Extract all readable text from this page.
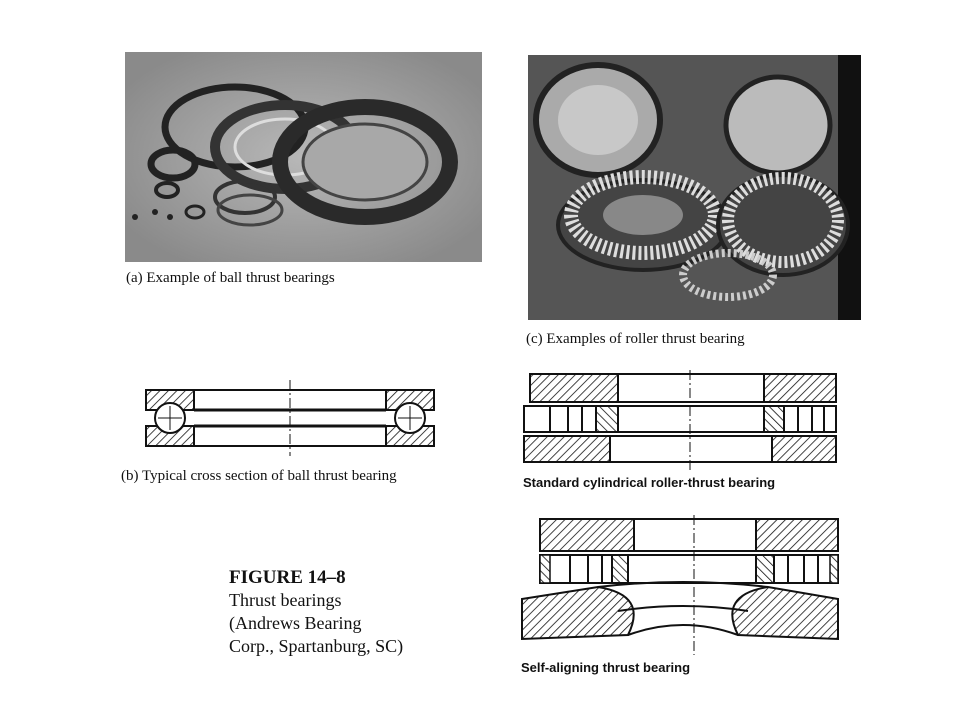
(a) Example of ball thrust bearings
(c) Examples of roller thrust bearing
(b) Typical cross section of ball thrust bearing	Standard cylindrical roller-thrust bearing
Self-aligning thrust bearing
FIGURE 14–8
Thrust bearings
(Andrews Bearing
Corp., Spartanburg, SC)
